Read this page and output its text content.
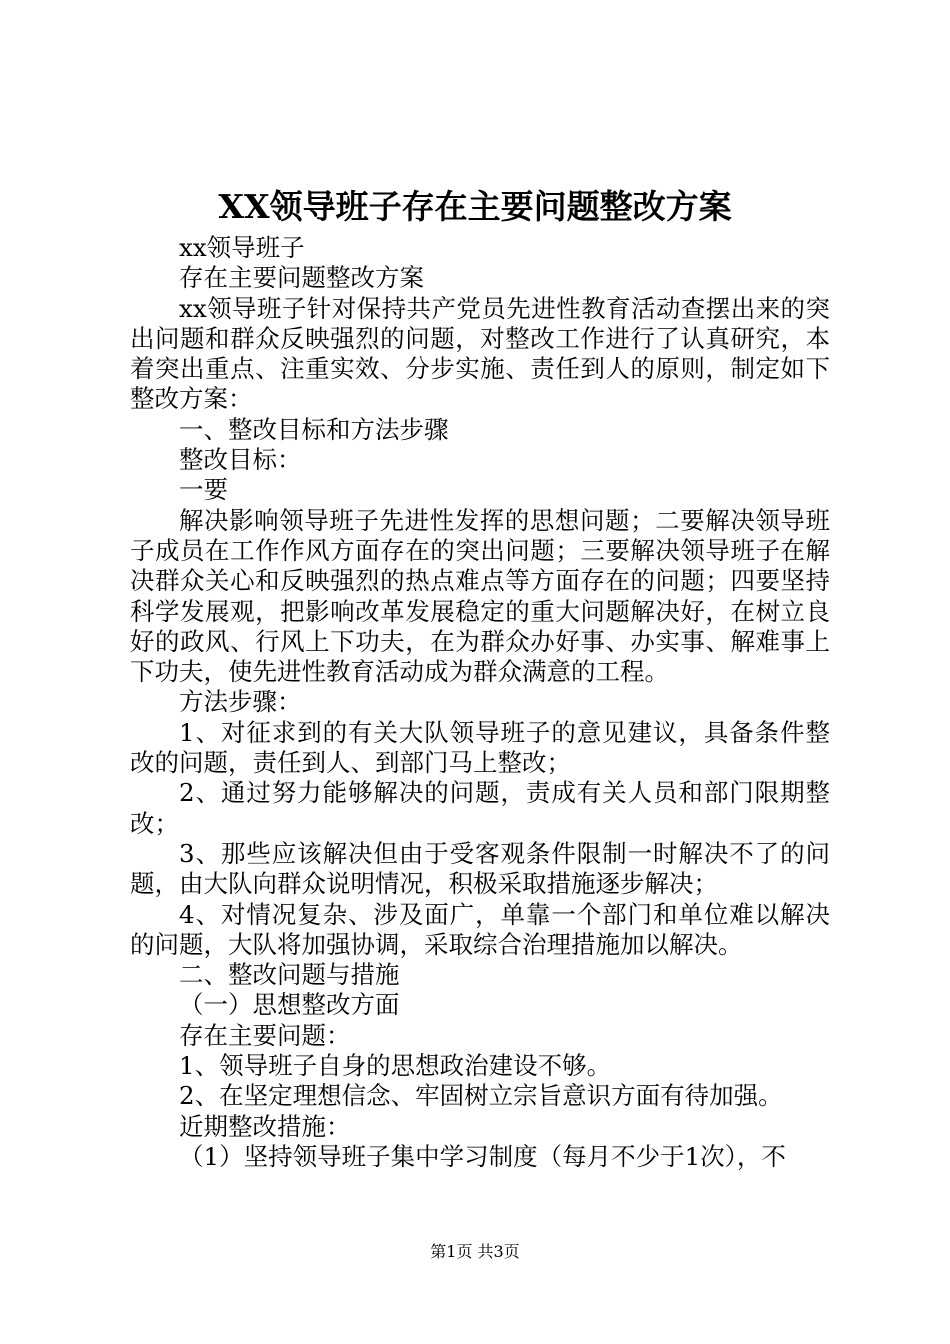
XX领导班子存在主要问题整改方案

xx领导班子

存在主要问题整改方案

xx领导班子针对保持共产党员先进性教育活动查摆出来的突出问题和群众反映强烈的问题，对整改工作进行了认真研究，本着突出重点、注重实效、分步实施、责任到人的原则，制定如下整改方案：

一、整改目标和方法步骤

整改目标：

一要

解决影响领导班子先进性发挥的思想问题；二要解决领导班子成员在工作作风方面存在的突出问题；三要解决领导班子在解决群众关心和反映强烈的热点难点等方面存在的问题；四要坚持科学发展观，把影响改革发展稳定的重大问题解决好，在树立良好的政风、行风上下功夫，在为群众办好事、办实事、解难事上下功夫，使先进性教育活动成为群众满意的工程。

方法步骤：

1、对征求到的有关大队领导班子的意见建议，具备条件整改的问题，责任到人、到部门马上整改；

2、通过努力能够解决的问题，责成有关人员和部门限期整改；

3、那些应该解决但由于受客观条件限制一时解决不了的问题，由大队向群众说明情况，积极采取措施逐步解决；

4、对情况复杂、涉及面广，单靠一个部门和单位难以解决的问题，大队将加强协调，采取综合治理措施加以解决。

二、整改问题与措施

（一）思想整改方面

存在主要问题：

1、领导班子自身的思想政治建设不够。

2、在坚定理想信念、牢固树立宗旨意识方面有待加强。

近期整改措施：

（1）坚持领导班子集中学习制度（每月不少于1次），不

第1页 共3页
